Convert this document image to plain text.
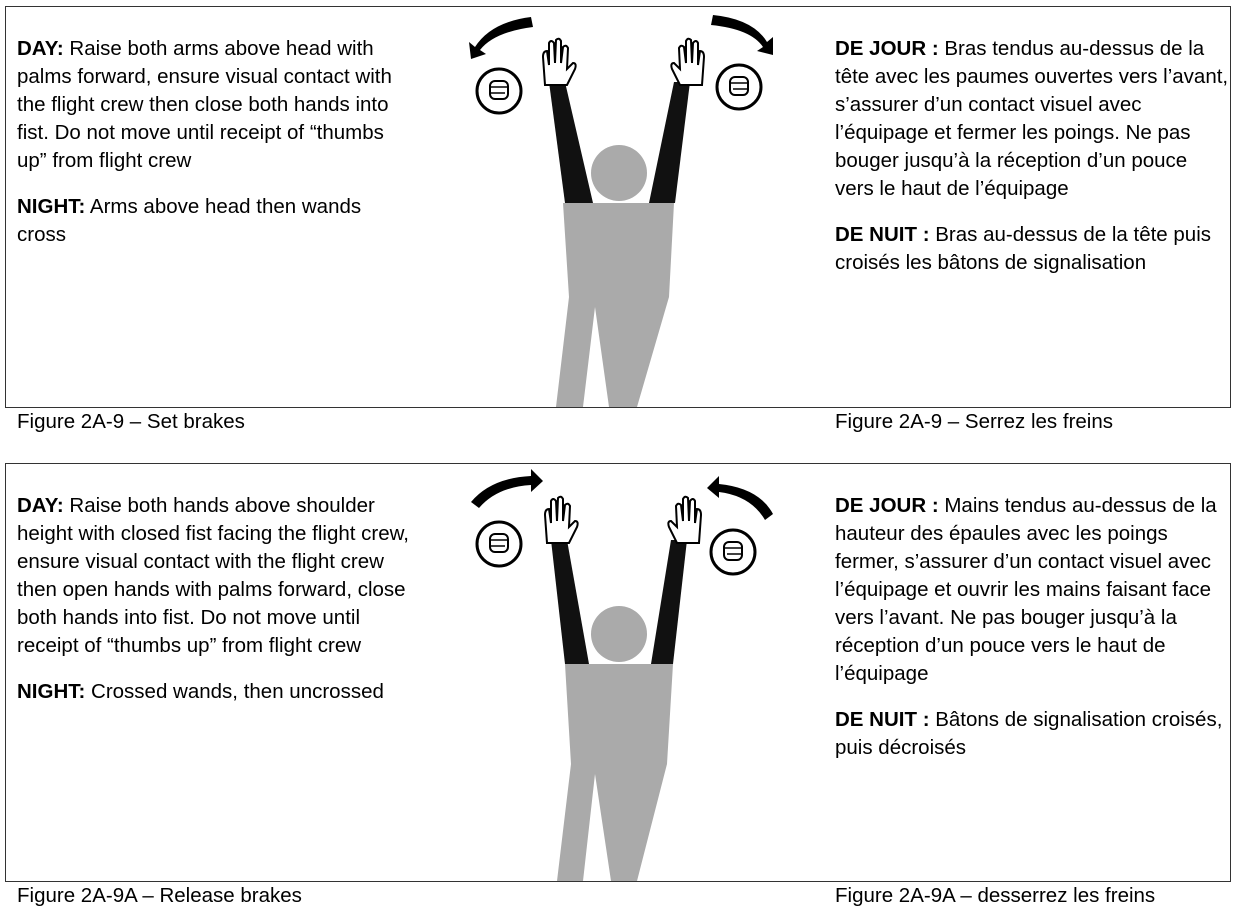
DAY: Raise both arms above head with palms forward, ensure visual contact with the flight crew then close both hands into fist. Do not move until receipt of “thumbs up” from flight crew

NIGHT: Arms above head then wands cross

DE JOUR : Bras tendus au-dessus de la tête avec les paumes ouvertes vers l’avant, s’assurer d’un contact visuel avec l’équipage et fermer les poings. Ne pas bouger jusqu’à la réception d’un pouce vers le haut de l’équipage

DE NUIT : Bras au-dessus de la tête puis croisés les bâtons de signalisation

Figure 2A-9 – Set brakes	Figure 2A-9 – Serrez les freins

DAY: Raise both hands above shoulder height with closed fist facing the flight crew, ensure visual contact with the flight crew then open hands with palms forward, close both hands into fist. Do not move until receipt of “thumbs up” from flight crew

NIGHT: Crossed wands, then uncrossed

DE JOUR : Mains tendus au-dessus de la hauteur des épaules avec les poings fermer, s’assurer d’un contact visuel avec l’équipage et ouvrir les mains faisant face vers l’avant. Ne pas bouger jusqu’à la réception d’un pouce vers le haut de l’équipage

DE NUIT : Bâtons de signalisation croisés, puis décroisés

Figure 2A-9A – Release brakes	Figure 2A-9A – desserrez les freins
